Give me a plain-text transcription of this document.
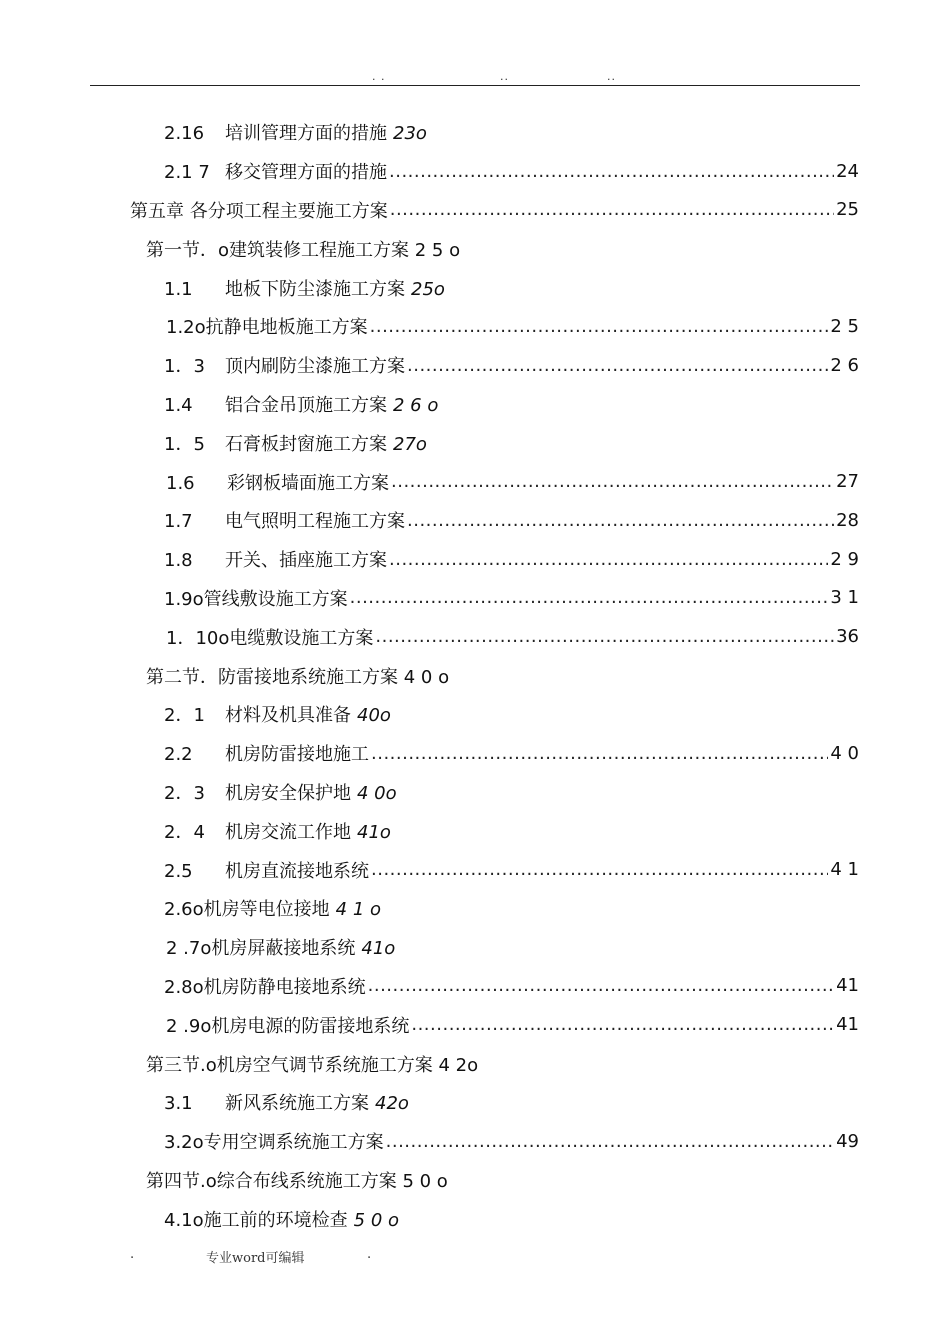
. .	..	..
2.16 培训管理方面的措施 23o
2.1 7 移交管理方面的措施 .....	24
第五章 各分项工程主要施工方案 .....	25
第一节．o建筑装修工程施工方案 2 5 o
1.1 地板下防尘漆施工方案 25o
1.2o抗静电地板施工方案 .....	2 5
1．3 顶内刷防尘漆施工方案 .....	2 6
1.4 铝合金吊顶施工方案 2 6 o
1．5 石膏板封窗施工方案 27o
1.6 彩钢板墙面施工方案 .....	27
1.7 电气照明工程施工方案 .....	28
1.8 开关、插座施工方案 .....	2 9
1.9o管线敷设施工方案 .....	3 1
1．10o电缆敷设施工方案 .....	36
第二节．防雷接地系统施工方案 4 0 o
2．1 材料及机具准备 40o
2.2 机房防雷接地施工 .....	4 0
2．3 机房安全保护地 4 0o
2．4 机房交流工作地 41o
2.5 机房直流接地系统 .....	4 1
2.6o机房等电位接地 4 1 o
2 .7o机房屏蔽接地系统 41o
2.8o机房防静电接地系统 .....	41
2 .9o机房电源的防雷接地系统 .....	41
第三节.o机房空气调节系统施工方案 4 2o
3.1 新风系统施工方案 42o
3.2o专用空调系统施工方案 .....	49
第四节.o综合布线系统施工方案 5 0 o
4.1o施工前的环境检查 5 0 o
.	专业word可编辑	.
